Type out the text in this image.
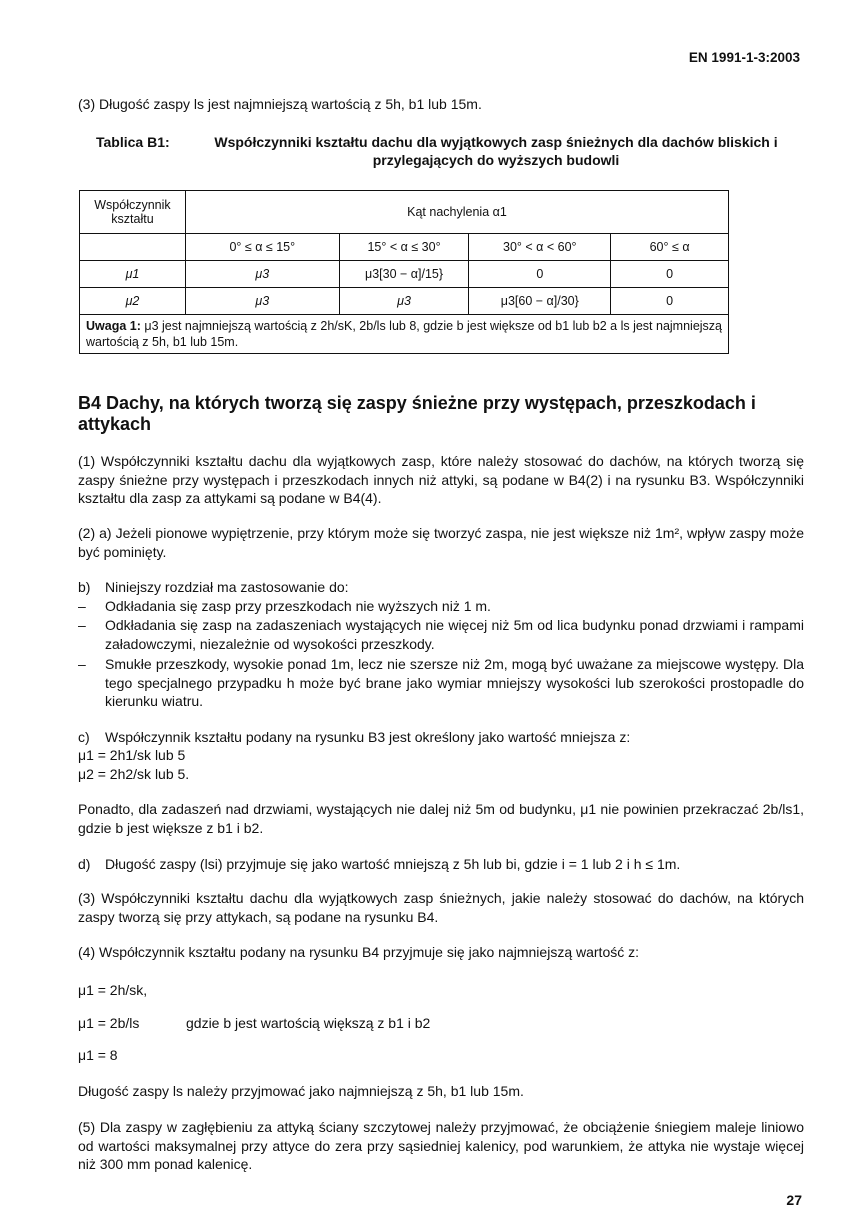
EN 1991-1-3:2003
(3) Długość zaspy ls jest najmniejszą wartością z 5h, b1 lub 15m.
Tablica B1:	Współczynniki kształtu dachu dla wyjątkowych zasp śnieżnych dla dachów bliskich i przylegających do wyższych budowli
Współczynnik kształtu	Kąt nachylenia α1			
	0° ≤ α ≤ 15°	15° < α ≤ 30°	30° < α < 60°	60° ≤ α
μ1	μ3	μ3[30 − α]/15}	0	0
μ2	μ3	μ3	μ3[60 − α]/30}	0
Uwaga 1: μ3 jest najmniejszą wartością z 2h/sK, 2b/ls lub 8, gdzie b jest większe od b1 lub b2 a ls jest najmniejszą wartością z 5h, b1 lub 15m.				
B4 Dachy, na których tworzą się zaspy śnieżne przy występach, przeszkodach i attykach
(1) Współczynniki kształtu dachu dla wyjątkowych zasp, które należy stosować do dachów, na których tworzą się zaspy śnieżne przy występach i przeszkodach innych niż attyki, są podane w B4(2) i na rysunku B3. Współczynniki kształtu dla zasp za attykami są podane w B4(4).
(2) a) Jeżeli pionowe wypiętrzenie, przy którym może się tworzyć zaspa, nie jest większe niż 1m², wpływ zaspy może być pominięty.
b)	Niniejszy rozdział ma zastosowanie do:
–	Odkładania się zasp przy przeszkodach nie wyższych niż 1 m.
–	Odkładania się zasp na zadaszeniach wystających nie więcej niż 5m od lica budynku ponad drzwiami i rampami załadowczymi, niezależnie od wysokości przeszkody.
–	Smukłe przeszkody, wysokie ponad 1m, lecz nie szersze niż 2m, mogą być uważane za miejscowe występy. Dla tego specjalnego przypadku h może być brane jako wymiar mniejszy wysokości lub szerokości prostopadle do kierunku wiatru.
c)	Współczynnik kształtu podany na rysunku B3 jest określony jako wartość mniejsza z:
μ1 = 2h1/sk lub 5
μ2 = 2h2/sk lub 5.
Ponadto, dla zadaszeń nad drzwiami, wystających nie dalej niż 5m od budynku, μ1 nie powinien przekraczać 2b/ls1, gdzie b jest większe z b1 i b2.
d)	Długość zaspy (lsi) przyjmuje się jako wartość mniejszą z 5h lub bi, gdzie i = 1 lub 2 i h ≤ 1m.
(3) Współczynniki kształtu dachu dla wyjątkowych zasp śnieżnych, jakie należy stosować do dachów, na których zaspy tworzą się przy attykach, są podane na rysunku B4.
(4) Współczynnik kształtu podany na rysunku B4 przyjmuje się jako najmniejszą wartość z:
μ1 = 2h/sk,
μ1 = 2b/ls	gdzie b jest wartością większą z b1 i b2
μ1 = 8
Długość zaspy ls należy przyjmować jako najmniejszą z 5h, b1 lub 15m.
(5) Dla zaspy w zagłębieniu za attyką ściany szczytowej należy przyjmować, że obciążenie śniegiem maleje liniowo od wartości maksymalnej przy attyce do zera przy sąsiedniej kalenicy, pod warunkiem, że attyka nie wystaje więcej niż 300 mm ponad kalenicę.
27
